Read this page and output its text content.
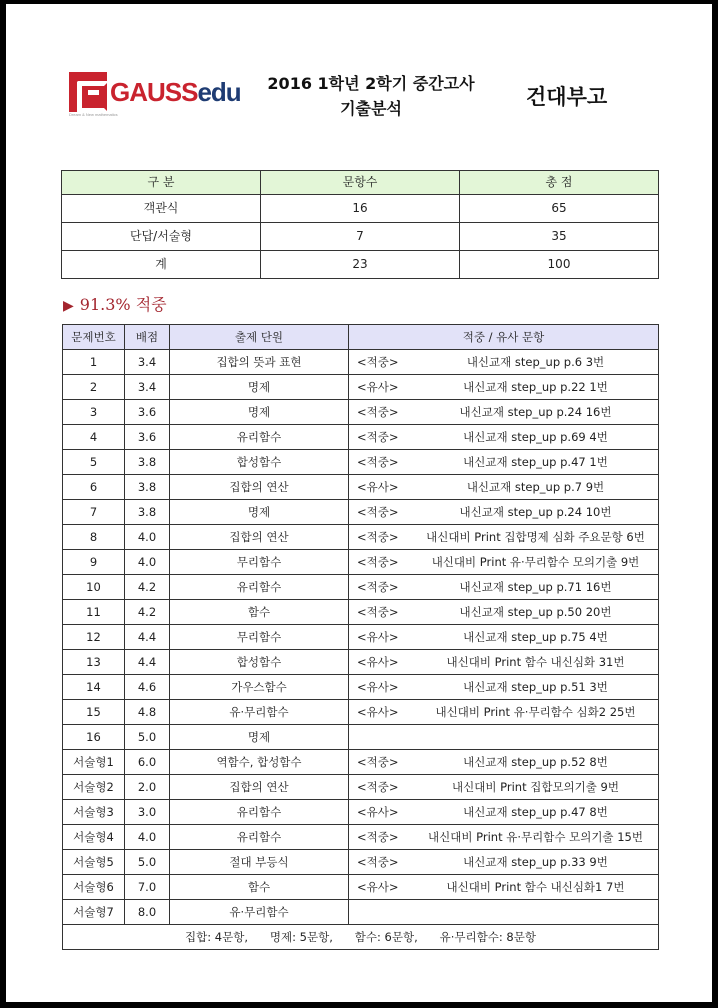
GAUSSedu
Dream & New mathematics
2016 1학년 2학기 중간고사
기출분석	건대부고
구 분	문항수	총 점
객관식	16	65
단답/서술형	7	35
계	23	100
▶ 91.3% 적중
문제번호	배점	출제 단원	적중 / 유사 문항
1	3.4	집합의 뜻과 표현	<적중> 내신교재 step_up p.6 3번
2	3.4	명제	<유사> 내신교재 step_up p.22 1번
3	3.6	명제	<적중> 내신교재 step_up p.24 16번
4	3.6	유리함수	<적중> 내신교재 step_up p.69 4번
5	3.8	합성함수	<적중> 내신교재 step_up p.47 1번
6	3.8	집합의 연산	<유사> 내신교재 step_up p.7 9번
7	3.8	명제	<적중> 내신교재 step_up p.24 10번
8	4.0	집합의 연산	<적중> 내신대비 Print 집합명제 심화 주요문항 6번
9	4.0	무리함수	<적중> 내신대비 Print 유·무리함수 모의기출 9번
10	4.2	유리함수	<적중> 내신교재 step_up p.71 16번
11	4.2	함수	<적중> 내신교재 step_up p.50 20번
12	4.4	무리함수	<유사> 내신교재 step_up p.75 4번
13	4.4	합성함수	<유사> 내신대비 Print 함수 내신심화 31번
14	4.6	가우스함수	<유사> 내신교재 step_up p.51 3번
15	4.8	유·무리함수	<유사> 내신대비 Print 유·무리함수 심화2 25번
16	5.0	명제	
서술형1	6.0	역함수, 합성함수	<적중> 내신교재 step_up p.52 8번
서술형2	2.0	집합의 연산	<적중> 내신대비 Print 집합모의기출 9번
서술형3	3.0	유리함수	<유사> 내신교재 step_up p.47 8번
서술형4	4.0	유리함수	<적중> 내신대비 Print 유·무리함수 모의기출 15번
서술형5	5.0	절대 부등식	<적중> 내신교재 step_up p.33 9번
서술형6	7.0	함수	<유사> 내신대비 Print 함수 내신심화1 7번
서술형7	8.0	유·무리함수	
집합: 4문항,      명제: 5문항,      함수: 6문항,      유·무리함수: 8문항			
